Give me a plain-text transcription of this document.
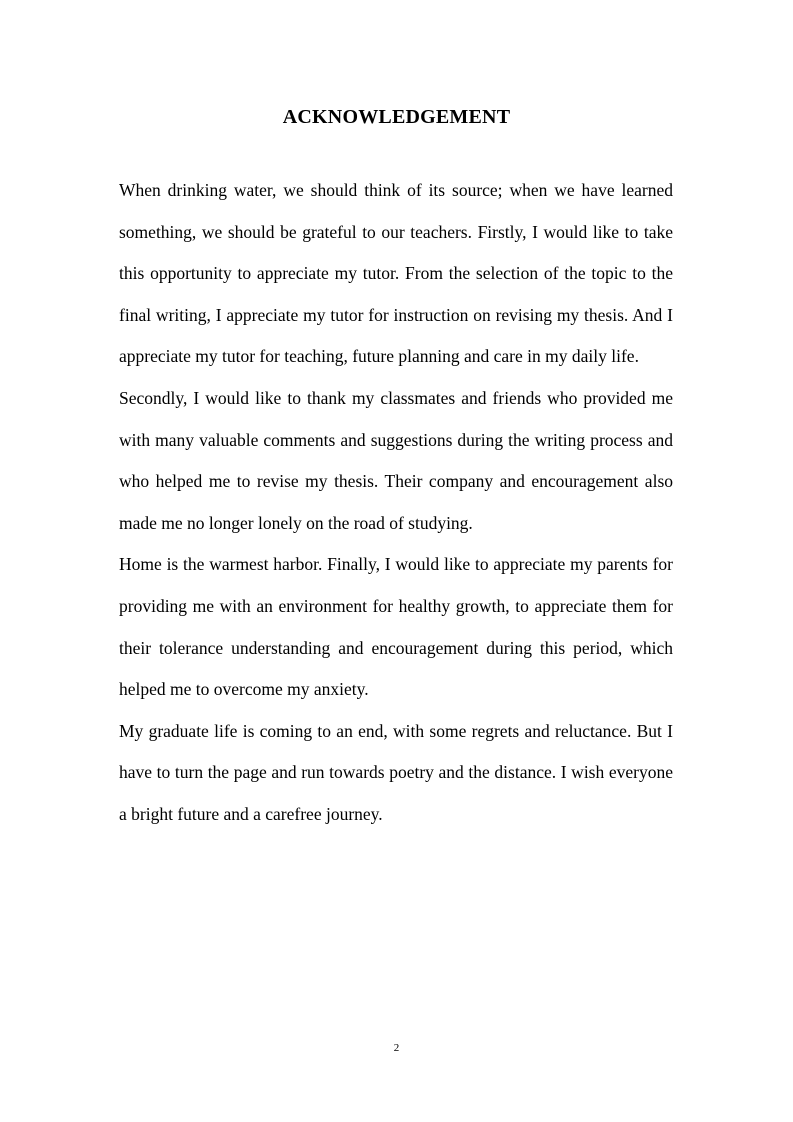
ACKNOWLEDGEMENT

When drinking water, we should think of its source; when we have learned something, we should be grateful to our teachers. Firstly, I would like to take this opportunity to appreciate my tutor. From the selection of the topic to the final writing, I appreciate my tutor for instruction on revising my thesis. And I appreciate my tutor for teaching, future planning and care in my daily life.

Secondly, I would like to thank my classmates and friends who provided me with many valuable comments and suggestions during the writing process and who helped me to revise my thesis. Their company and encouragement also made me no longer lonely on the road of studying.

Home is the warmest harbor. Finally, I would like to appreciate my parents for providing me with an environment for healthy growth, to appreciate them for their tolerance understanding and encouragement during this period, which helped me to overcome my anxiety.

My graduate life is coming to an end, with some regrets and reluctance. But I have to turn the page and run towards poetry and the distance. I wish everyone a bright future and a carefree journey.

2
